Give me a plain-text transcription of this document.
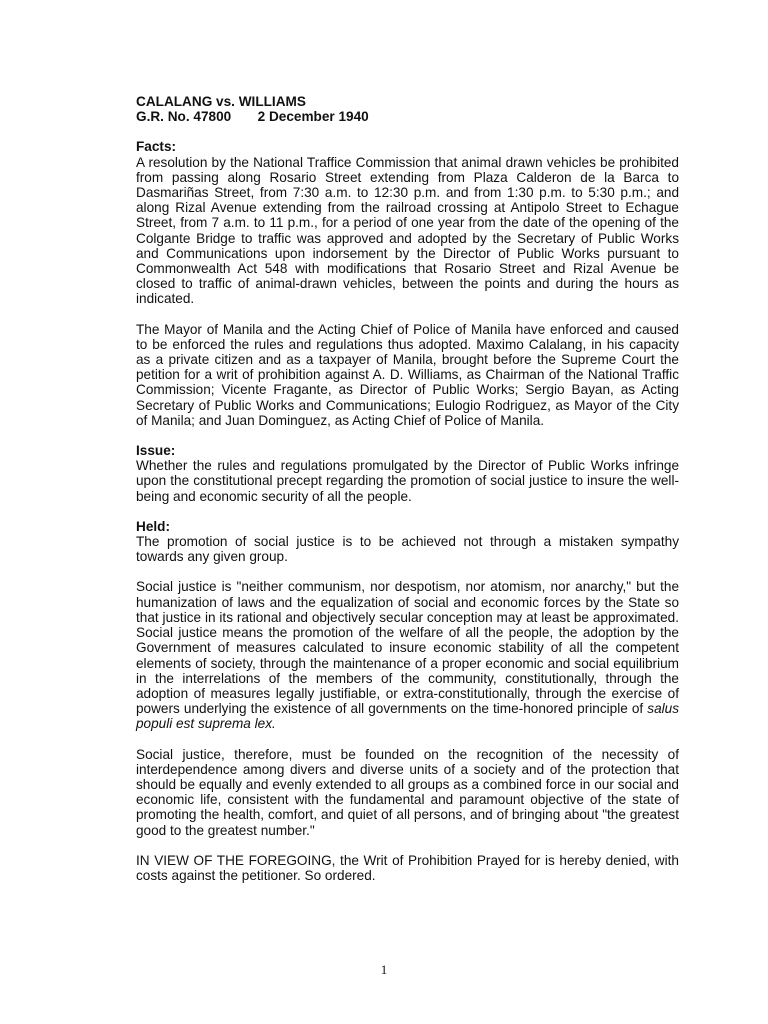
CALALANG vs. WILLIAMS
G.R. No. 47800 2 December 1940
Facts:

A resolution by the National Traffice Commission that animal drawn vehicles be prohibited from passing along Rosario Street extending from Plaza Calderon de la Barca to Dasmariñas Street, from 7:30 a.m. to 12:30 p.m. and from 1:30 p.m. to 5:30 p.m.; and along Rizal Avenue extending from the railroad crossing at Antipolo Street to Echague Street, from 7 a.m. to 11 p.m., for a period of one year from the date of the opening of the Colgante Bridge to traffic was approved and adopted by the Secretary of Public Works and Communications upon indorsement by the Director of Public Works pursuant to Commonwealth Act 548 with modifications that Rosario Street and Rizal Avenue be closed to traffic of animal-drawn vehicles, between the points and during the hours as indicated.

The Mayor of Manila and the Acting Chief of Police of Manila have enforced and caused to be enforced the rules and regulations thus adopted. Maximo Calalang, in his capacity as a private citizen and as a taxpayer of Manila, brought before the Supreme Court the petition for a writ of prohibition against A. D. Williams, as Chairman of the National Traffic Commission; Vicente Fragante, as Director of Public Works; Sergio Bayan, as Acting Secretary of Public Works and Communications; Eulogio Rodriguez, as Mayor of the City of Manila; and Juan Dominguez, as Acting Chief of Police of Manila.

Issue:

Whether the rules and regulations promulgated by the Director of Public Works infringe upon the constitutional precept regarding the promotion of social justice to insure the well-being and economic security of all the people.

Held:

The promotion of social justice is to be achieved not through a mistaken sympathy towards any given group.

Social justice is "neither communism, nor despotism, nor atomism, nor anarchy," but the humanization of laws and the equalization of social and economic forces by the State so that justice in its rational and objectively secular conception may at least be approximated. Social justice means the promotion of the welfare of all the people, the adoption by the Government of measures calculated to insure economic stability of all the competent elements of society, through the maintenance of a proper economic and social equilibrium in the interrelations of the members of the community, constitutionally, through the adoption of measures legally justifiable, or extra-constitutionally, through the exercise of powers underlying the existence of all governments on the time-honored principle of salus populi est suprema lex.

Social justice, therefore, must be founded on the recognition of the necessity of interdependence among divers and diverse units of a society and of the protection that should be equally and evenly extended to all groups as a combined force in our social and economic life, consistent with the fundamental and paramount objective of the state of promoting the health, comfort, and quiet of all persons, and of bringing about "the greatest good to the greatest number."

IN VIEW OF THE FOREGOING, the Writ of Prohibition Prayed for is hereby denied, with costs against the petitioner. So ordered.

1
